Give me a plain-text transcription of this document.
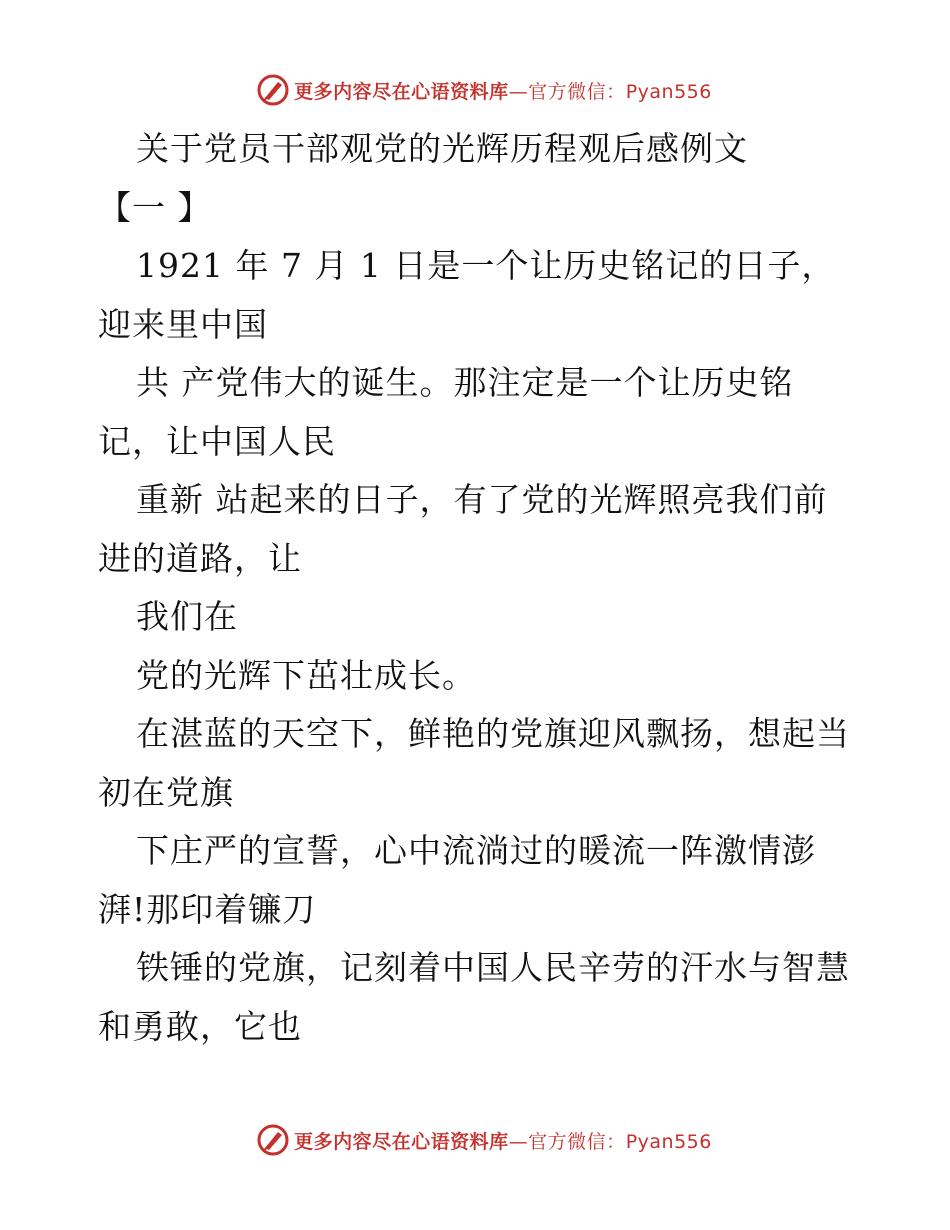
更多内容尽在心语资料库—官方微信：Pyan556
关于党员干部观党的光辉历程观后感例文
【一 】
1921 年 7 月 1 日是一个让历史铭记的日子，
迎来里中国
共 产党伟大的诞生。那注定是一个让历史铭
记，让中国人民
重新 站起来的日子，有了党的光辉照亮我们前
进的道路，让
我们在
党的光辉下茁壮成长。
在湛蓝的天空下，鲜艳的党旗迎风飘扬，想起当
初在党旗
下庄严的宣誓，心中流淌过的暖流一阵激情澎
湃!那印着镰刀
铁锤的党旗，记刻着中国人民辛劳的汗水与智慧
和勇敢，它也
更多内容尽在心语资料库—官方微信：Pyan556
